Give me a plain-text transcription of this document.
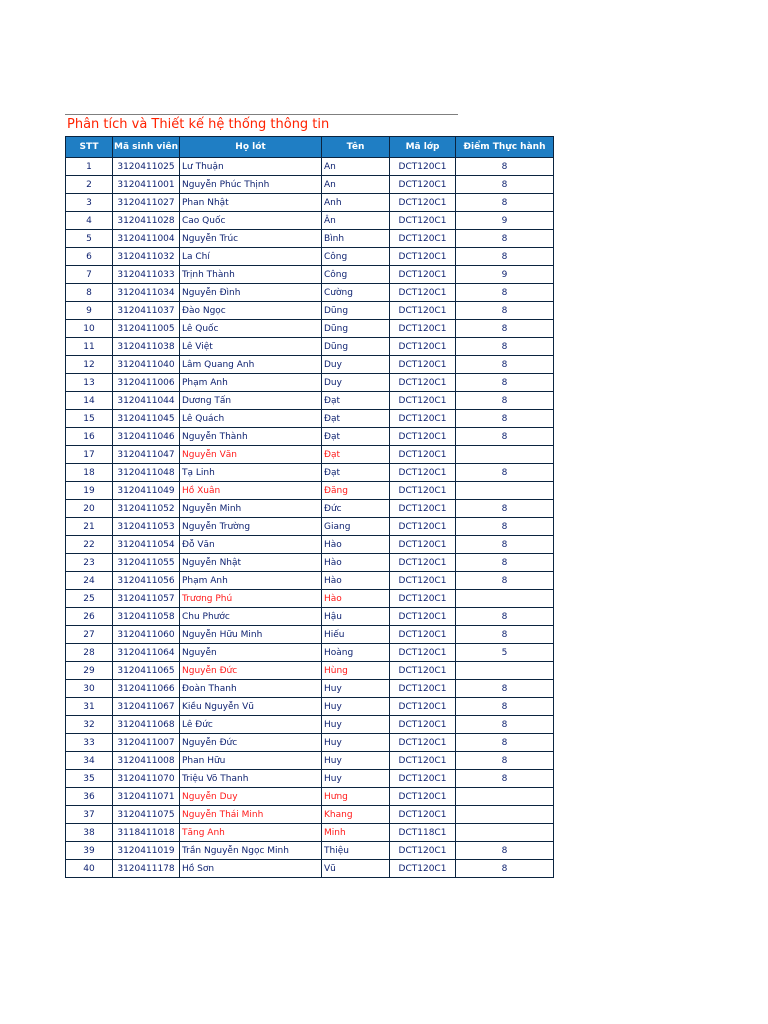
Phân tích và Thiết kế hệ thống thông tin
STT	Mã sinh viên	Họ lót	Tên	Mã lớp	Điểm Thực hành
1	3120411025	Lư Thuận	An	DCT120C1	8
2	3120411001	Nguyễn Phúc Thịnh	An	DCT120C1	8
3	3120411027	Phan Nhật	Anh	DCT120C1	8
4	3120411028	Cao Quốc	Ân	DCT120C1	9
5	3120411004	Nguyễn Trúc	Bình	DCT120C1	8
6	3120411032	La Chí	Công	DCT120C1	8
7	3120411033	Trịnh Thành	Công	DCT120C1	9
8	3120411034	Nguyễn Đình	Cường	DCT120C1	8
9	3120411037	Đào Ngọc	Dũng	DCT120C1	8
10	3120411005	Lê Quốc	Dũng	DCT120C1	8
11	3120411038	Lê Việt	Dũng	DCT120C1	8
12	3120411040	Lâm Quang Anh	Duy	DCT120C1	8
13	3120411006	Phạm Anh	Duy	DCT120C1	8
14	3120411044	Dương Tấn	Đạt	DCT120C1	8
15	3120411045	Lê Quách	Đạt	DCT120C1	8
16	3120411046	Nguyễn Thành	Đạt	DCT120C1	8
17	3120411047	Nguyễn Văn	Đạt	DCT120C1	
18	3120411048	Tạ Linh	Đạt	DCT120C1	8
19	3120411049	Hồ Xuân	Đăng	DCT120C1	
20	3120411052	Nguyễn Minh	Đức	DCT120C1	8
21	3120411053	Nguyễn Trường	Giang	DCT120C1	8
22	3120411054	Đỗ Văn	Hào	DCT120C1	8
23	3120411055	Nguyễn Nhật	Hào	DCT120C1	8
24	3120411056	Phạm Anh	Hào	DCT120C1	8
25	3120411057	Trương Phú	Hào	DCT120C1	
26	3120411058	Chu Phước	Hậu	DCT120C1	8
27	3120411060	Nguyễn Hữu Minh	Hiếu	DCT120C1	8
28	3120411064	Nguyễn	Hoàng	DCT120C1	5
29	3120411065	Nguyễn Đức	Hùng	DCT120C1	
30	3120411066	Đoàn Thanh	Huy	DCT120C1	8
31	3120411067	Kiều Nguyễn Vũ	Huy	DCT120C1	8
32	3120411068	Lê Đức	Huy	DCT120C1	8
33	3120411007	Nguyễn Đức	Huy	DCT120C1	8
34	3120411008	Phan Hữu	Huy	DCT120C1	8
35	3120411070	Triệu Võ Thanh	Huy	DCT120C1	8
36	3120411071	Nguyễn Duy	Hưng	DCT120C1	
37	3120411075	Nguyễn Thái Minh	Khang	DCT120C1	
38	3118411018	Tăng Anh	Minh	DCT118C1	
39	3120411019	Trần Nguyễn Ngọc Minh	Thiệu	DCT120C1	8
40	3120411178	Hồ Sơn	Vũ	DCT120C1	8
